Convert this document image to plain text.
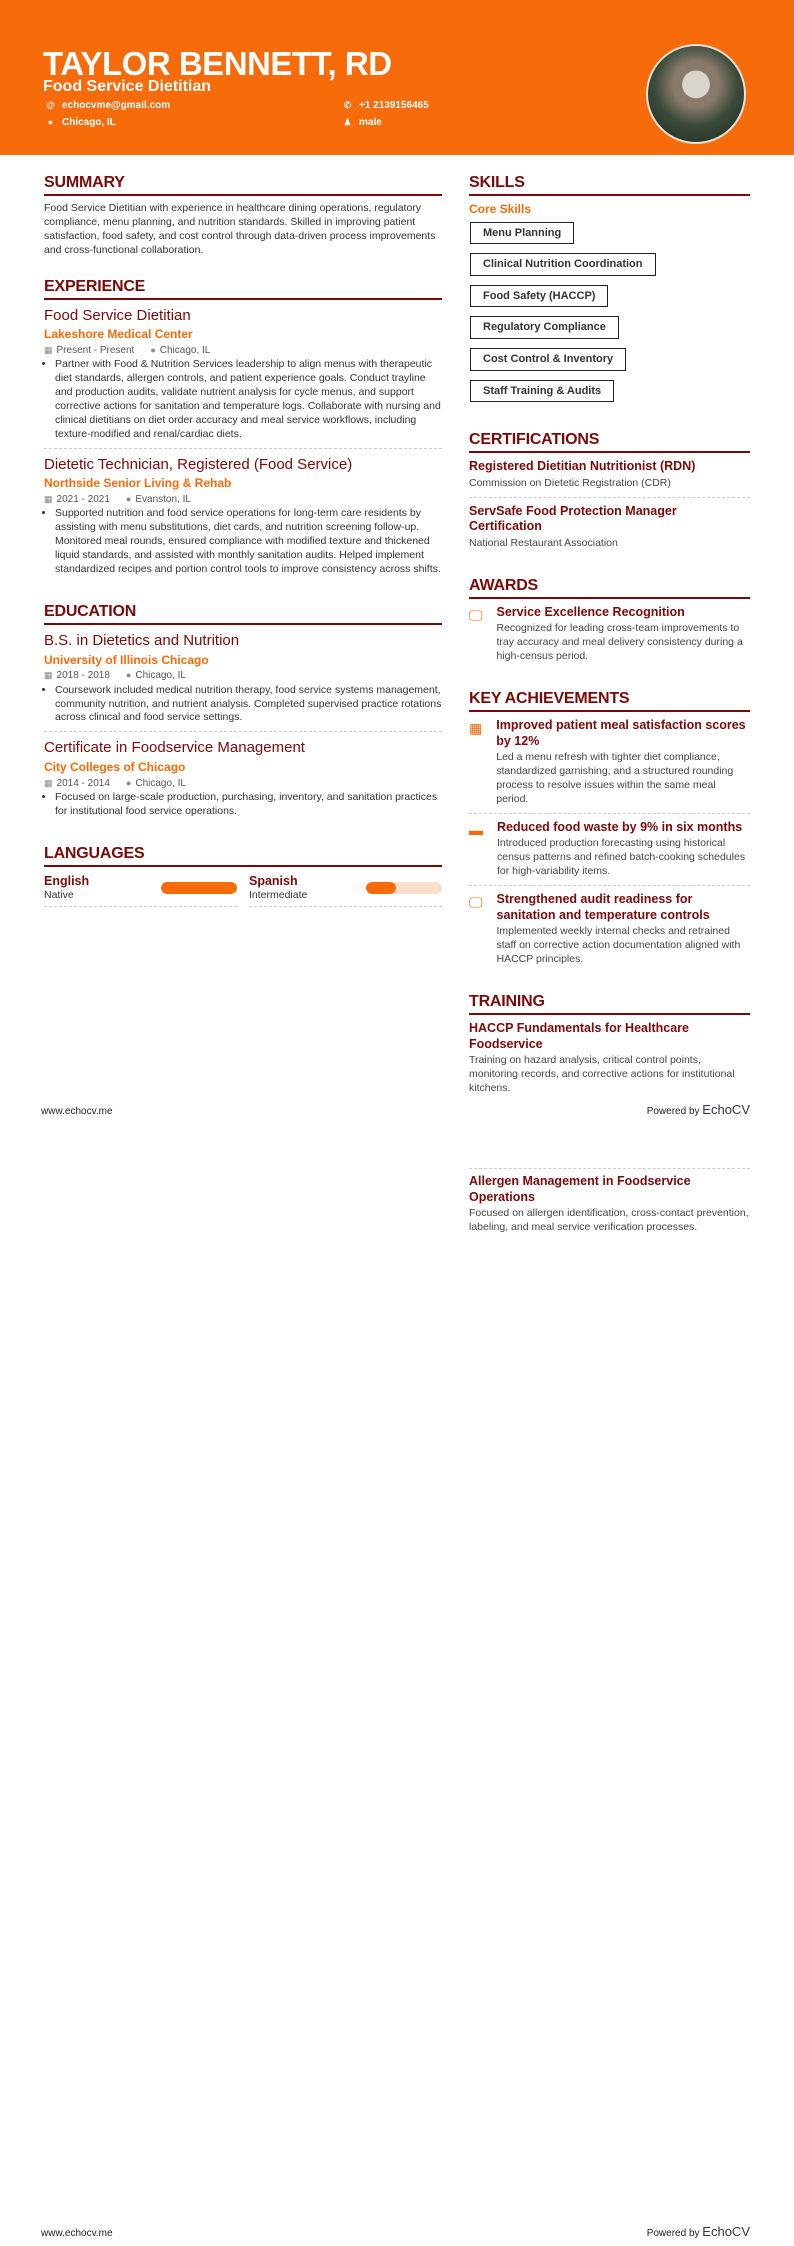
TAYLOR BENNETT, RD
Food Service Dietitian
@ echocvme@gmail.com
● Chicago, IL
✆ +1 2139156465
♟ male
SUMMARY

Food Service Dietitian with experience in healthcare dining operations, regulatory compliance, menu planning, and nutrition standards. Skilled in improving patient satisfaction, food safety, and cost control through data-driven process improvements and cross-functional collaboration.

EXPERIENCE
Food Service Dietitian
Lakeshore Medical Center
▦ Present - Present ● Chicago, IL
• Partner with Food & Nutrition Services leadership to align menus with therapeutic diet standards, allergen controls, and patient experience goals. Conduct trayline and production audits, validate nutrient analysis for cycle menus, and support corrective actions for sanitation and temperature logs. Collaborate with nursing and clinical dietitians on diet order accuracy and meal service workflows, including texture-modified and renal/cardiac diets.
Dietetic Technician, Registered (Food Service)
Northside Senior Living & Rehab
▦ 2021 - 2021 ● Evanston, IL
• Supported nutrition and food service operations for long-term care residents by assisting with menu substitutions, diet cards, and nutrition screening follow-up. Monitored meal rounds, ensured compliance with modified texture and thickened liquid standards, and assisted with monthly sanitation audits. Helped implement standardized recipes and portion control tools to improve consistency across shifts.
EDUCATION
B.S. in Dietetics and Nutrition
University of Illinois Chicago
▦ 2018 - 2018 ● Chicago, IL
• Coursework included medical nutrition therapy, food service systems management, community nutrition, and nutrient analysis. Completed supervised practice rotations across clinical and food service settings.
Certificate in Foodservice Management
City Colleges of Chicago
▦ 2014 - 2014 ● Chicago, IL
• Focused on large-scale production, purchasing, inventory, and sanitation practices for institutional food service operations.
LANGUAGES
English
Native
Spanish
Intermediate
SKILLS
Core Skills
Menu Planning
Clinical Nutrition Coordination
Food Safety (HACCP)
Regulatory Compliance
Cost Control & Inventory
Staff Training & Audits
CERTIFICATIONS
Registered Dietitian Nutritionist (RDN)
Commission on Dietetic Registration (CDR)
ServSafe Food Protection Manager Certification
National Restaurant Association
AWARDS
🖵 Service Excellence Recognition
Recognized for leading cross-team improvements to tray accuracy and meal delivery consistency during a high-census period.
KEY ACHIEVEMENTS
▦ Improved patient meal satisfaction scores by 12%
Led a menu refresh with tighter diet compliance, standardized garnishing, and a structured rounding process to resolve issues within the same meal period.
▬ Reduced food waste by 9% in six months
Introduced production forecasting using historical census patterns and refined batch-cooking schedules for high-variability items.
🖵 Strengthened audit readiness for sanitation and temperature controls
Implemented weekly internal checks and retrained staff on corrective action documentation aligned with HACCP principles.
TRAINING
HACCP Fundamentals for Healthcare Foodservice
Training on hazard analysis, critical control points, monitoring records, and corrective actions for institutional kitchens.
www.echocv.me	Powered by EchoCV
Allergen Management in Foodservice Operations
Focused on allergen identification, cross-contact prevention, labeling, and meal service verification processes.
www.echocv.me	Powered by EchoCV
